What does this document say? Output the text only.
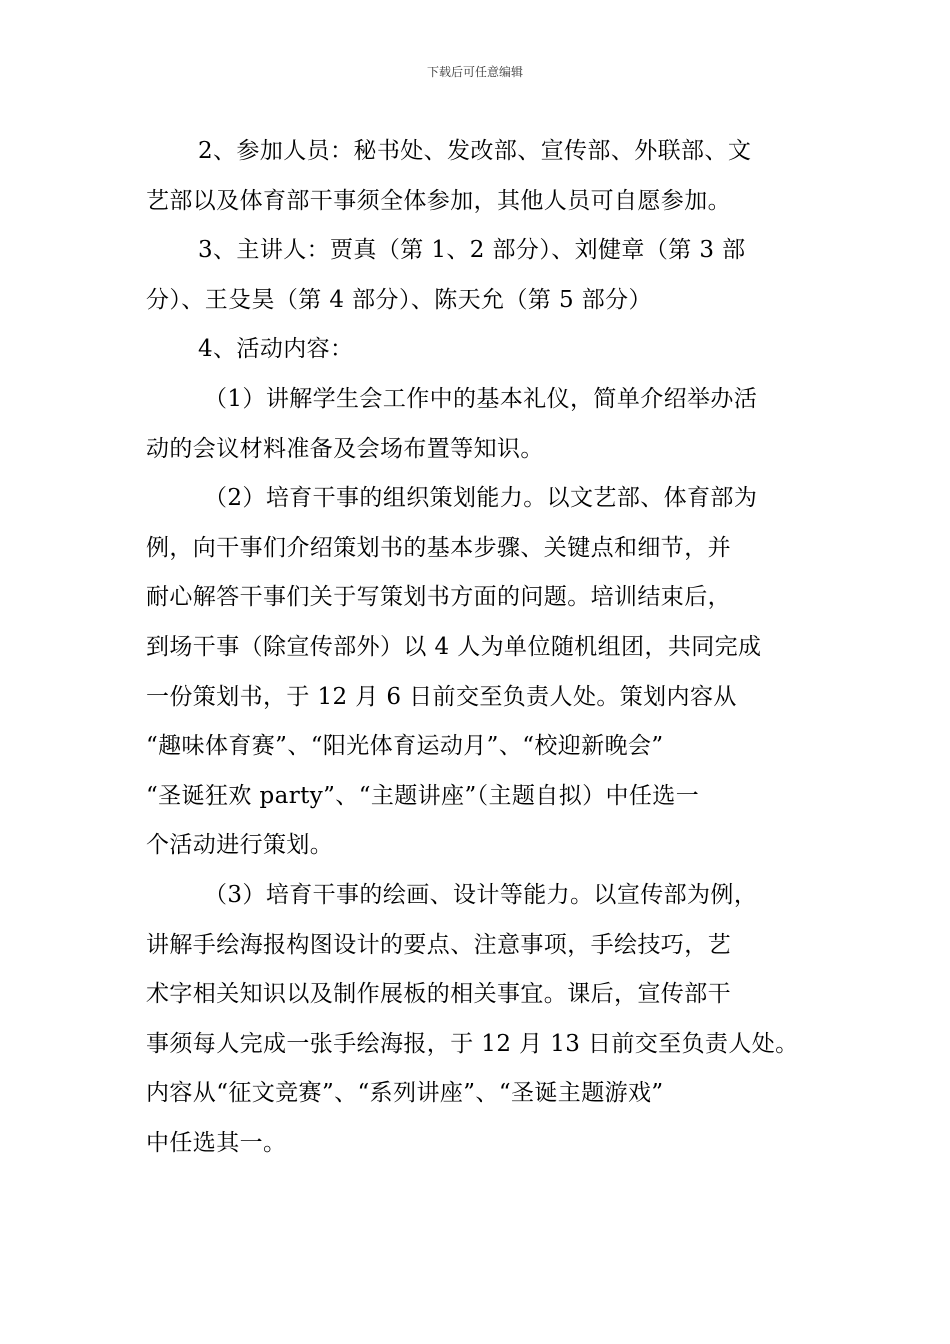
下载后可任意编辑
2、参加人员：秘书处、发改部、宣传部、外联部、文
艺部以及体育部干事须全体参加，其他人员可自愿参加。
3、主讲人：贾真（第 1、2 部分）、刘健章（第 3 部
分）、王殳昊（第 4 部分）、陈天允（第 5 部分）
4、活动内容：
（1）讲解学生会工作中的基本礼仪，简单介绍举办活
动的会议材料准备及会场布置等知识。
（2）培育干事的组织策划能力。以文艺部、体育部为
例，向干事们介绍策划书的基本步骤、关键点和细节，并
耐心解答干事们关于写策划书方面的问题。培训结束后，
到场干事（除宣传部外）以 4 人为单位随机组团，共同完成
一份策划书，于 12 月 6 日前交至负责人处。策划内容从
“趣味体育赛”、“阳光体育运动月”、“校迎新晚会”
“圣诞狂欢 party”、“主题讲座”（主题自拟）中任选一
个活动进行策划。
（3）培育干事的绘画、设计等能力。以宣传部为例，
讲解手绘海报构图设计的要点、注意事项，手绘技巧，艺
术字相关知识以及制作展板的相关事宜。课后，宣传部干
事须每人完成一张手绘海报，于 12 月 13 日前交至负责人处。
内容从“征文竞赛”、“系列讲座”、“圣诞主题游戏”
中任选其一。
